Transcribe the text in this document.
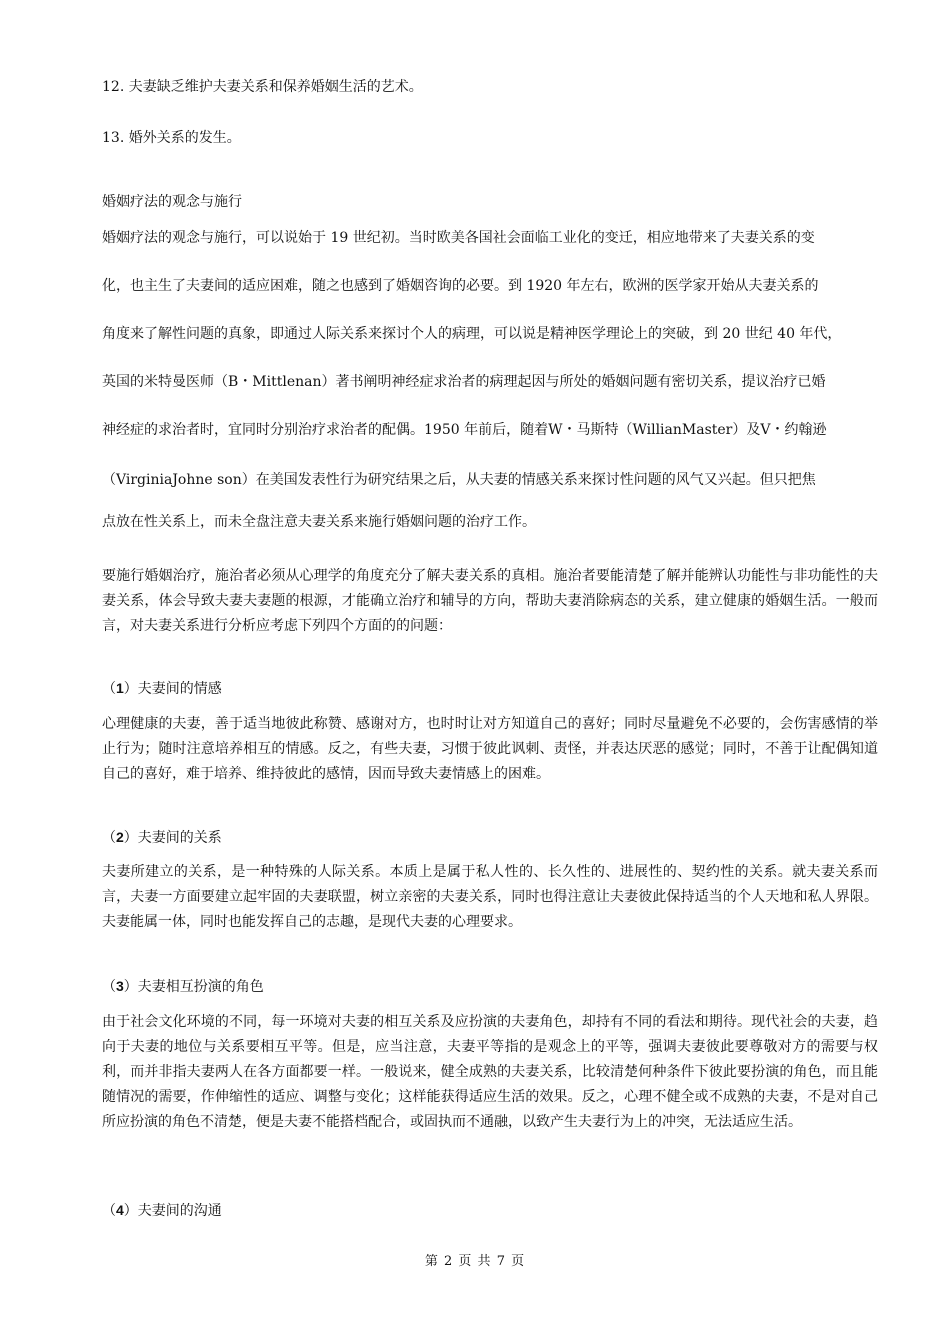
12. 夫妻缺乏维护夫妻关系和保养婚姻生活的艺术。
13. 婚外关系的发生。
婚姻疗法的观念与施行
婚姻疗法的观念与施行，可以说始于 19 世纪初。当时欧美各国社会面临工业化的变迁，相应地带来了夫妻关系的变
化，也主生了夫妻间的适应困难，随之也感到了婚姻咨询的必要。到 1920 年左右，欧洲的医学家开始从夫妻关系的
角度来了解性问题的真象，即通过人际关系来探讨个人的病理，可以说是精神医学理论上的突破，到 20 世纪 40 年代，
英国的米特曼医师（B・Mittlenan）著书阐明神经症求治者的病理起因与所处的婚姻问题有密切关系，提议治疗已婚
神经症的求治者时，宜同时分别治疗求治者的配偶。1950 年前后，随着W・马斯特（WillianMaster）及V・约翰逊
（VirginiaJohne son）在美国发表性行为研究结果之后，从夫妻的情感关系来探讨性问题的风气又兴起。但只把焦
点放在性关系上，而未全盘注意夫妻关系来施行婚姻问题的治疗工作。
要施行婚姻治疗，施治者必须从心理学的角度充分了解夫妻关系的真相。施治者要能清楚了解并能辨认功能性与非功能性的夫妻关系，体会导致夫妻夫妻题的根源，才能确立治疗和辅导的方向，帮助夫妻消除病态的关系，建立健康的婚姻生活。一般而言，对夫妻关系进行分析应考虑下列四个方面的的问题：
（1）夫妻间的情感
心理健康的夫妻，善于适当地彼此称赞、感谢对方，也时时让对方知道自己的喜好；同时尽量避免不必要的，会伤害感情的举止行为；随时注意培养相互的情感。反之，有些夫妻，习惯于彼此讽刺、责怪，并表达厌恶的感觉；同时，不善于让配偶知道自己的喜好，难于培养、维持彼此的感情，因而导致夫妻情感上的困难。
（2）夫妻间的关系
夫妻所建立的关系，是一种特殊的人际关系。本质上是属于私人性的、长久性的、进展性的、契约性的关系。就夫妻关系而言，夫妻一方面要建立起牢固的夫妻联盟，树立亲密的夫妻关系，同时也得注意让夫妻彼此保持适当的个人天地和私人界限。夫妻能属一体，同时也能发挥自己的志趣，是现代夫妻的心理要求。
（3）夫妻相互扮演的角色
由于社会文化环境的不同，每一环境对夫妻的相互关系及应扮演的夫妻角色，却持有不同的看法和期待。现代社会的夫妻，趋向于夫妻的地位与关系要相互平等。但是，应当注意，夫妻平等指的是观念上的平等，强调夫妻彼此要尊敬对方的需要与权利，而并非指夫妻两人在各方面都要一样。一般说来，健全成熟的夫妻关系，比较清楚何种条件下彼此要扮演的角色，而且能随情况的需要，作伸缩性的适应、调整与变化；这样能获得适应生活的效果。反之，心理不健全或不成熟的夫妻，不是对自己所应扮演的角色不清楚，便是夫妻不能搭档配合，或固执而不通融，以致产生夫妻行为上的冲突，无法适应生活。
（4）夫妻间的沟通
第 2 页 共 7 页
